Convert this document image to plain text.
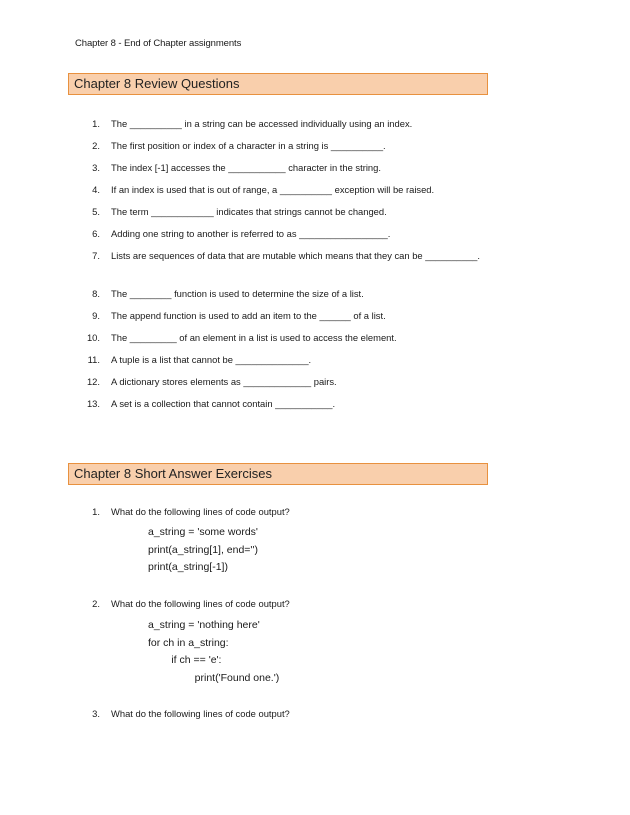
Chapter 8 - End of Chapter assignments
Chapter 8 Review Questions
1. The __________ in a string can be accessed individually using an index.
2. The first position or index of a character in a string is __________.
3. The index [-1] accesses the ___________ character in the string.
4. If an index is used that is out of range, a __________ exception will be raised.
5. The term ____________ indicates that strings cannot be changed.
6. Adding one string to another is referred to as _________________.
7. Lists are sequences of data that are mutable which means that they can be __________.
8. The ________ function is used to determine the size of a list.
9. The append function is used to add an item to the ______ of a list.
10. The _________ of an element in a list is used to access the element.
11. A tuple is a list that cannot be ______________.
12. A dictionary stores elements as _____________ pairs.
13. A set is a collection that cannot contain ___________.
Chapter 8 Short Answer Exercises
1. What do the following lines of code output?
a_string = 'some words'
print(a_string[1], end='')
print(a_string[-1])
2. What do the following lines of code output?
a_string = 'nothing here'
for ch in a_string:
if ch == 'e':
print('Found one.')
3. What do the following lines of code output?
